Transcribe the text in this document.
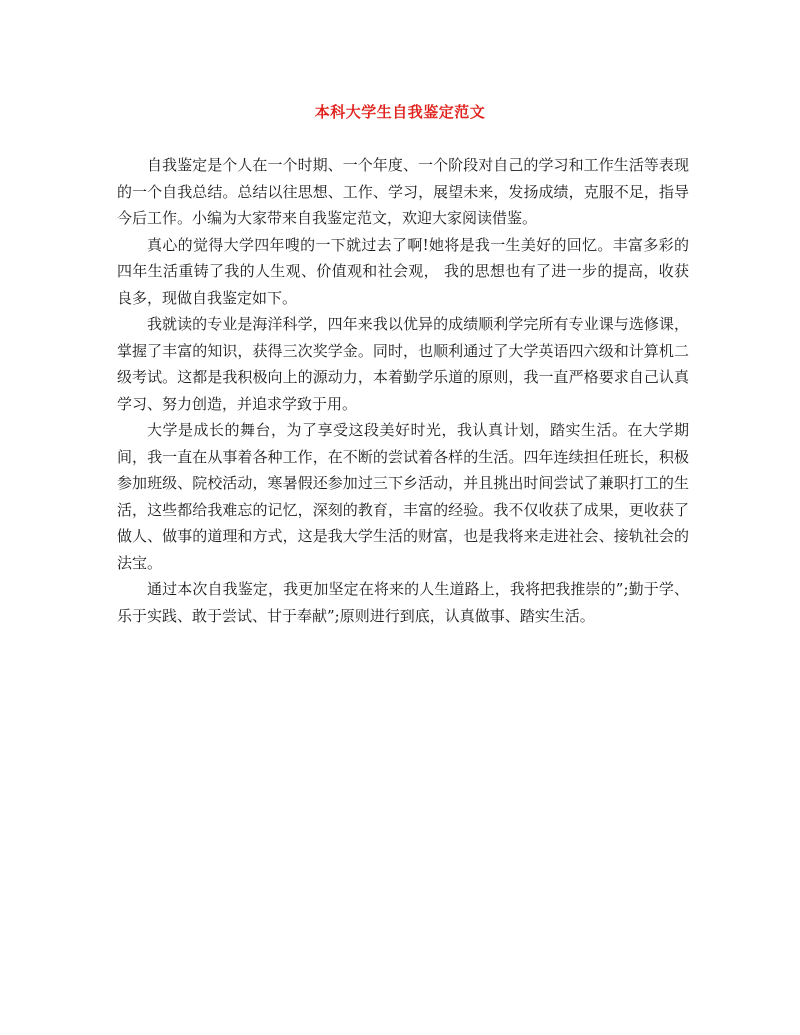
本科大学生自我鉴定范文

自我鉴定是个人在一个时期、一个年度、一个阶段对自己的学习和工作生活等表现的一个自我总结。总结以往思想、工作、学习，展望未来，发扬成绩，克服不足，指导今后工作。小编为大家带来自我鉴定范文，欢迎大家阅读借鉴。

真心的觉得大学四年嗖的一下就过去了啊!她将是我一生美好的回忆。丰富多彩的四年生活重铸了我的人生观、价值观和社会观， 我的思想也有了进一步的提高，收获良多，现做自我鉴定如下。

我就读的专业是海洋科学，四年来我以优异的成绩顺利学完所有专业课与选修课，掌握了丰富的知识，获得三次奖学金。同时，也顺利通过了大学英语四六级和计算机二级考试。这都是我积极向上的源动力，本着勤学乐道的原则，我一直严格要求自己认真学习、努力创造，并追求学致于用。

大学是成长的舞台，为了享受这段美好时光，我认真计划，踏实生活。在大学期间，我一直在从事着各种工作，在不断的尝试着各样的生活。四年连续担任班长，积极参加班级、院校活动，寒暑假还参加过三下乡活动，并且挑出时间尝试了兼职打工的生活，这些都给我难忘的记忆，深刻的教育，丰富的经验。我不仅收获了成果，更收获了做人、做事的道理和方式，这是我大学生活的财富，也是我将来走进社会、接轨社会的法宝。

通过本次自我鉴定，我更加坚定在将来的人生道路上，我将把我推崇的”;勤于学、乐于实践、敢于尝试、甘于奉献”;原则进行到底，认真做事、踏实生活。
